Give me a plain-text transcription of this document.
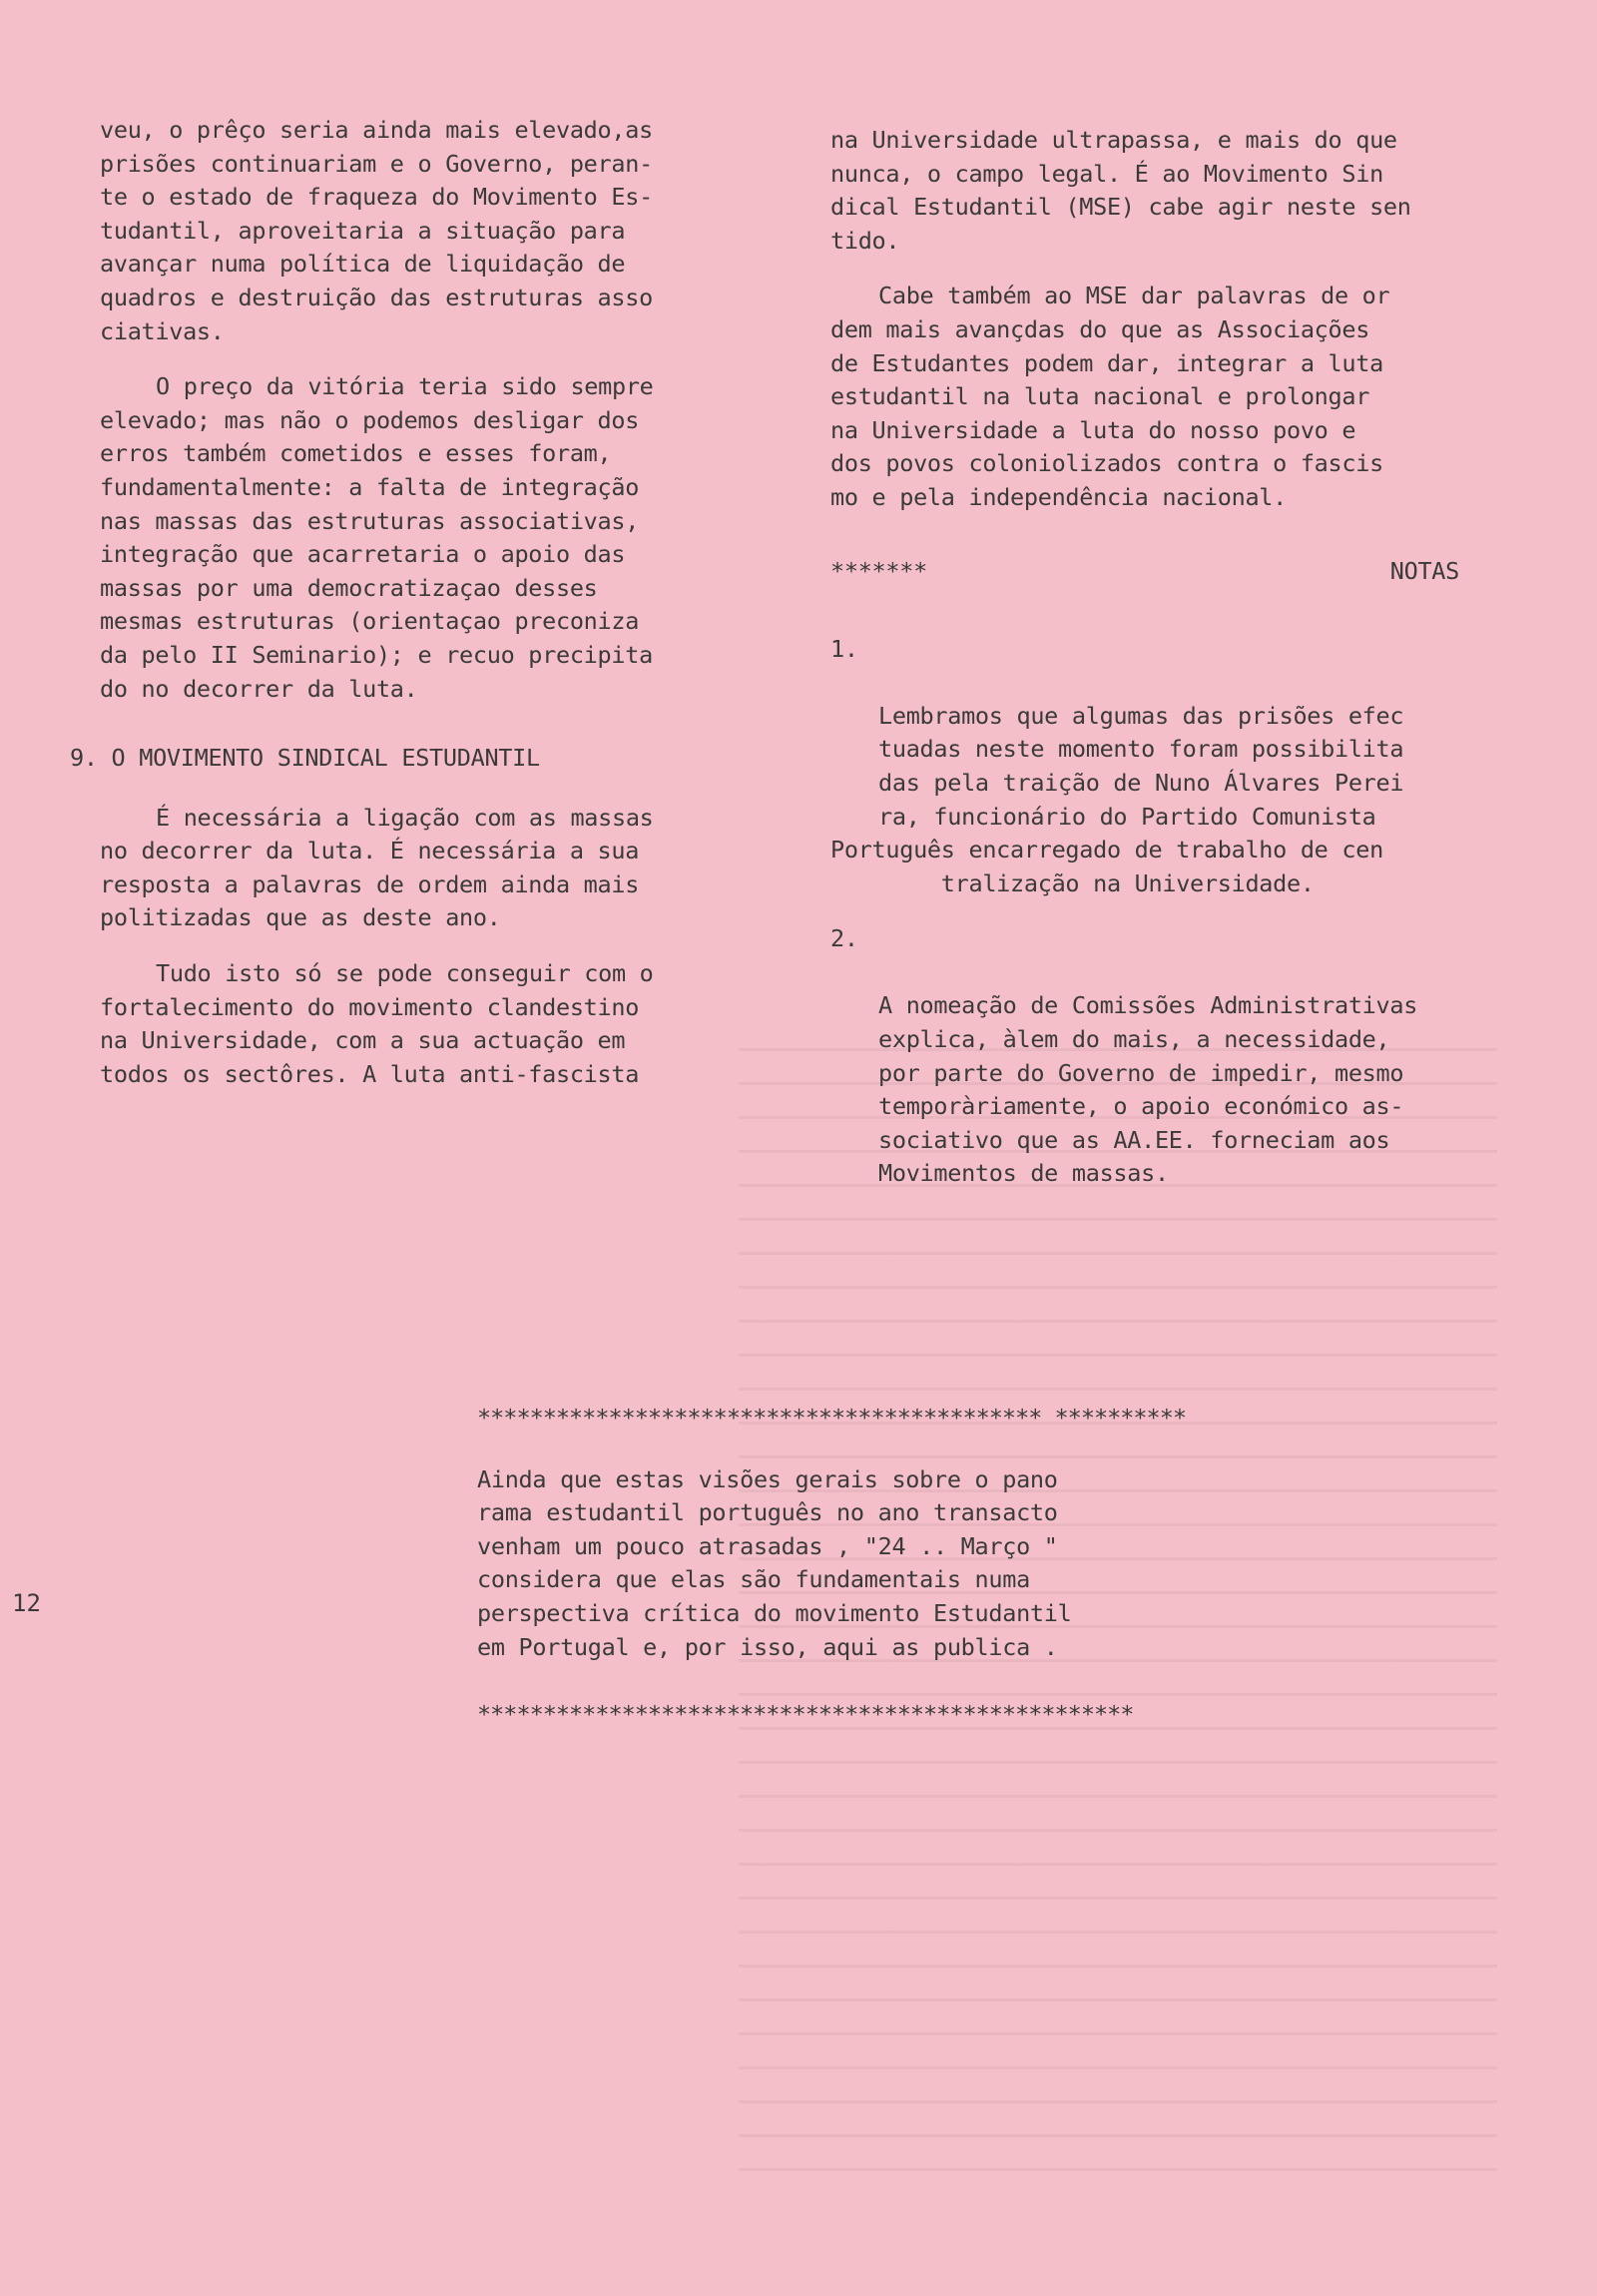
veu, o prêço seria ainda mais elevado,as
prisões continuariam e o Governo, peran-
te o estado de fraqueza do Movimento Es-
tudantil, aproveitaria a situação para
avançar numa política de liquidação de
quadros e destruição das estruturas asso
ciativas.

O preço da vitória teria sido sempre
elevado; mas não o podemos desligar dos
erros também cometidos e esses foram,
fundamentalmente: a falta de integração
nas massas das estruturas associativas,
integração que acarretaria o apoio das
massas por uma democratizaçao desses
mesmas estruturas (orientaçao preconiza
da pelo II Seminario); e recuo precipita
do no decorrer da luta.

9. O MOVIMENTO SINDICAL ESTUDANTIL

É necessária a ligação com as massas
no decorrer da luta. É necessária a sua
resposta a palavras de ordem ainda mais
politizadas que as deste ano.

Tudo isto só se pode conseguir com o
fortalecimento do movimento clandestino
na Universidade, com a sua actuação em
todos os sectôres. A luta anti-fascista

na Universidade ultrapassa, e mais do que
nunca, o campo legal. É ao Movimento Sin
dical Estudantil (MSE) cabe agir neste sen
tido.

Cabe também ao MSE dar palavras de or
dem mais avançdas do que as Associações
de Estudantes podem dar, integrar a luta
estudantil na luta nacional e prolongar
na Universidade a luta do nosso povo e
dos povos coloniolizados contra o fascis
mo e pela independência nacional.

*******	NOTAS

1.

Lembramos que algumas das prisões efec
tuadas neste momento foram possibilita
das pela traição de Nuno Álvares Perei
ra, funcionário do Partido Comunista

Português encarregado de trabalho de cen
tralização na Universidade.

2.

A nomeação de Comissões Administrativas
explica, àlem do mais, a necessidade,
por parte do Governo de impedir, mesmo
temporàriamente, o apoio económico as-
sociativo que as AA.EE. forneciam aos
Movimentos de massas.

******************************************* **********

Ainda que estas visões gerais sobre o pano
rama estudantil português no ano transacto
venham um pouco atrasadas , "24 .. Março "
considera que elas são fundamentais numa
perspectiva crítica do movimento Estudantil
em Portugal e, por isso, aqui as publica .

**************************************************
12
